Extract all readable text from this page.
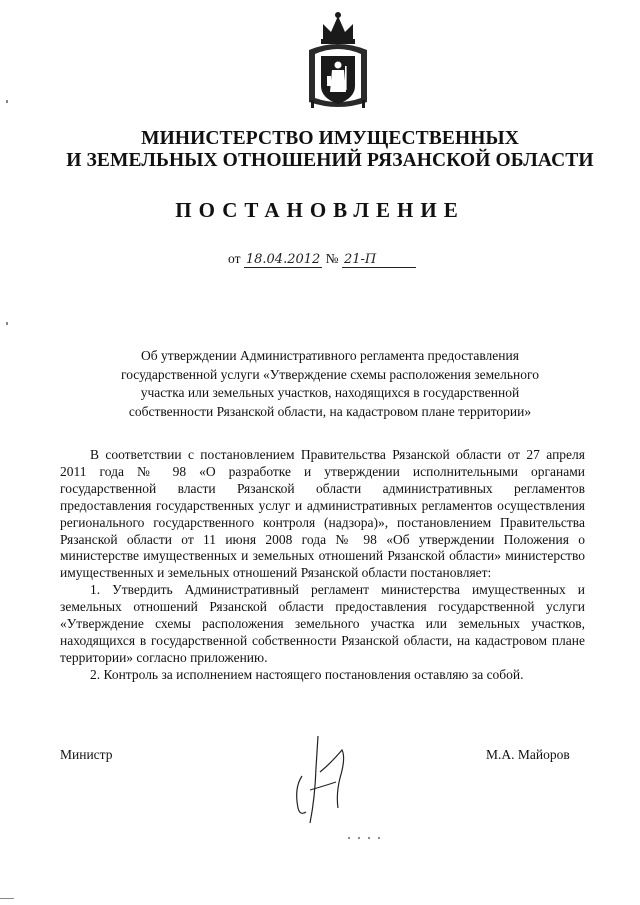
МИНИСТЕРСТВО ИМУЩЕСТВЕННЫХ
И ЗЕМЕЛЬНЫХ ОТНОШЕНИЙ РЯЗАНСКОЙ ОБЛАСТИ
ПОСТАНОВЛЕНИЕ
от 18.04.2012 № 21-П
Об утверждении Административного регламента предоставления
государственной услуги «Утверждение схемы расположения земельного
участка или земельных участков, находящихся в государственной
собственности Рязанской области, на кадастровом плане территории»

В соответствии с постановлением Правительства Рязанской области от 27 апреля 2011 года № 98 «О разработке и утверждении исполнительными органами государственной власти Рязанской области административных регламентов предоставления государственных услуг и административных регламентов осуществления регионального государственного контроля (надзора)», постановлением Правительства Рязанской области от 11 июня 2008 года № 98 «Об утверждении Положения о министерстве имущественных и земельных отношений Рязанской области» министерство имущественных и земельных отношений Рязанской области постановляет:

1. Утвердить Административный регламент министерства имущественных и земельных отношений Рязанской области предоставления государственной услуги «Утверждение схемы расположения земельного участка или земельных участков, находящихся в государственной собственности Рязанской области, на кадастровом плане территории» согласно приложению.

2. Контроль за исполнением настоящего постановления оставляю за собой.

Министр	М.А. Майоров
